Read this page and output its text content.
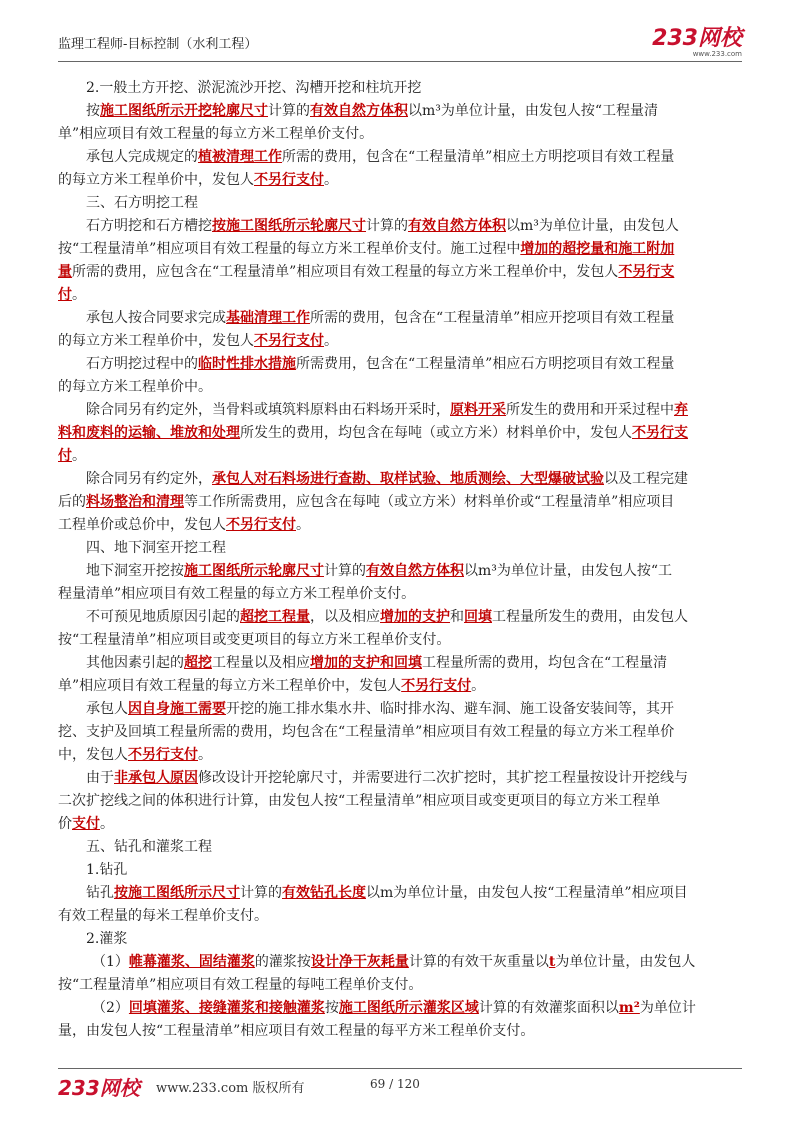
监理工程师-目标控制（水利工程）	233网校
www.233.com
2.一般土方开挖、淤泥流沙开挖、沟槽开挖和柱坑开挖
按施工图纸所示开挖轮廓尺寸计算的有效自然方体积以m³为单位计量，由发包人按“工程量清
单”相应项目有效工程量的每立方米工程单价支付。
承包人完成规定的植被清理工作所需的费用，包含在“工程量清单”相应土方明挖项目有效工程量
的每立方米工程单价中，发包人不另行支付。
三、石方明挖工程
石方明挖和石方槽挖按施工图纸所示轮廓尺寸计算的有效自然方体积以m³为单位计量，由发包人
按“工程量清单”相应项目有效工程量的每立方米工程单价支付。施工过程中增加的超挖量和施工附加
量所需的费用，应包含在“工程量清单”相应项目有效工程量的每立方米工程单价中，发包人不另行支
付。
承包人按合同要求完成基础清理工作所需的费用，包含在“工程量清单”相应开挖项目有效工程量
的每立方米工程单价中，发包人不另行支付。
石方明挖过程中的临时性排水措施所需费用，包含在“工程量清单”相应石方明挖项目有效工程量
的每立方米工程单价中。
除合同另有约定外，当骨料或填筑料原料由石料场开采时，原料开采所发生的费用和开采过程中弃
料和废料的运输、堆放和处理所发生的费用，均包含在每吨（或立方米）材料单价中，发包人不另行支
付。
除合同另有约定外，承包人对石料场进行查勘、取样试验、地质测绘、大型爆破试验以及工程完建
后的料场整治和清理等工作所需费用，应包含在每吨（或立方米）材料单价或“工程量清单”相应项目
工程单价或总价中，发包人不另行支付。
四、地下洞室开挖工程
地下洞室开挖按施工图纸所示轮廓尺寸计算的有效自然方体积以m³为单位计量，由发包人按“工
程量清单”相应项目有效工程量的每立方米工程单价支付。
不可预见地质原因引起的超挖工程量，以及相应增加的支护和回填工程量所发生的费用，由发包人
按“工程量清单”相应项目或变更项目的每立方米工程单价支付。
其他因素引起的超挖工程量以及相应增加的支护和回填工程量所需的费用，均包含在“工程量清
单”相应项目有效工程量的每立方米工程单价中，发包人不另行支付。
承包人因自身施工需要开挖的施工排水集水井、临时排水沟、避车洞、施工设备安装间等，其开
挖、支护及回填工程量所需的费用，均包含在“工程量清单”相应项目有效工程量的每立方米工程单价
中，发包人不另行支付。
由于非承包人原因修改设计开挖轮廓尺寸，并需要进行二次扩挖时，其扩挖工程量按设计开挖线与
二次扩挖线之间的体积进行计算，由发包人按“工程量清单”相应项目或变更项目的每立方米工程单
价支付。
五、钻孔和灌浆工程
1.钻孔
钻孔按施工图纸所示尺寸计算的有效钻孔长度以m为单位计量，由发包人按“工程量清单”相应项目
有效工程量的每米工程单价支付。
2.灌浆
（1）帷幕灌浆、固结灌浆的灌浆按设计净干灰耗量计算的有效干灰重量以t为单位计量，由发包人
按“工程量清单”相应项目有效工程量的每吨工程单价支付。
（2）回填灌浆、接缝灌浆和接触灌浆按施工图纸所示灌浆区域计算的有效灌浆面积以m²为单位计
量，由发包人按“工程量清单”相应项目有效工程量的每平方米工程单价支付。
233网校 www.233.com 版权所有	69 / 120
